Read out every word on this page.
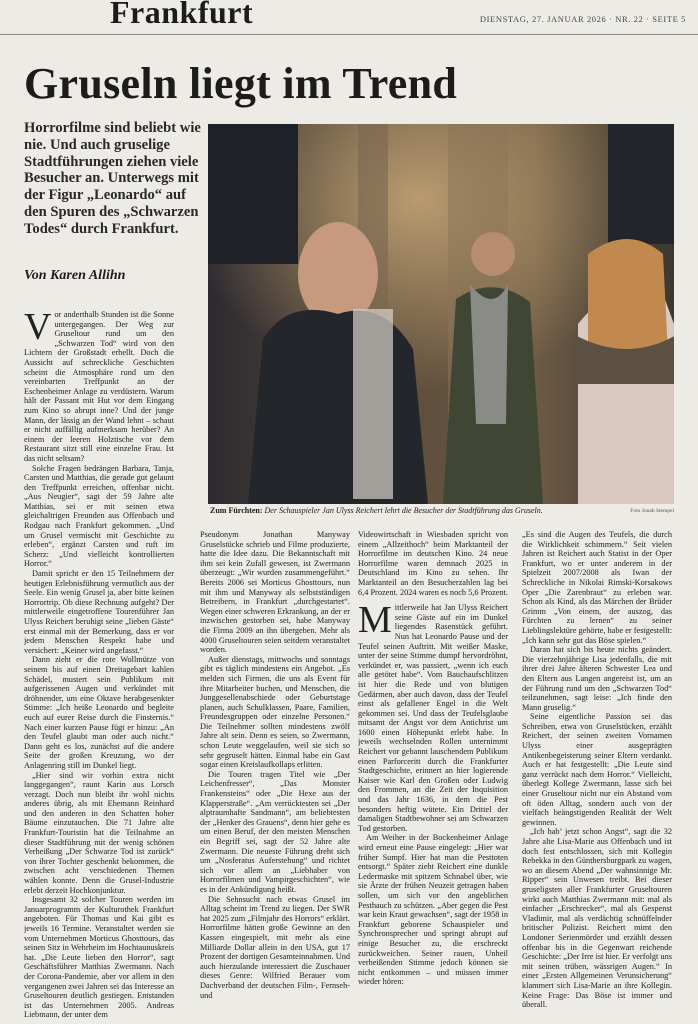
Frankfurt	DIENSTAG, 27. JANUAR 2026 · NR. 22 · SEITE 5
Gruseln liegt im Trend
Horrorfilme sind beliebt wie nie. Und auch gruselige Stadtführungen ziehen viele Besucher an. Unterwegs mit der Figur „Leonardo“ auf den Spuren des „Schwarzen Todes“ durch Frankfurt.
Von Karen Allihn
Zum Fürchten: Der Schauspieler Jan Ulyss Reichert lehrt die Besucher der Stadtführung das Gruseln.	Foto Jonah Stempel

Vor anderthalb Stunden ist die Sonne untergegangen. Der Weg zur Gruseltour rund um den „Schwarzen Tod“ wird von den Lichtern der Großstadt erhellt. Doch die Aussicht auf schreckliche Geschichten scheint die Atmosphäre rund um den vereinbarten Treffpunkt an der Eschenheimer Anlage zu verdüstern. Warum hält der Passant mit Hut vor dem Eingang zum Kino so abrupt inne? Und der junge Mann, der lässig an der Wand lehnt – schaut er nicht auffällig aufmerksam herüber? An einem der leeren Holztische vor dem Restaurant sitzt still eine einzelne Frau. Ist das nicht seltsam?

Solche Fragen bedrängen Barbara, Tanja, Carsten und Matthias, die gerade gut gelaunt den Treffpunkt erreichen, offenbar nicht. „Aus Neugier“, sagt der 59 Jahre alte Matthias, sei er mit seinen etwa gleichaltrigen Freunden aus Offenbach und Rodgau nach Frankfurt gekommen. „Und um Grusel vermischt mit Geschichte zu erleben“, ergänzt Carsten und ruft im Scherz: „Und vielleicht kontrollierten Horror.“

Damit spricht er den 15 Teilnehmern der heutigen Erlebnisführung vermutlich aus der Seele. Ein wenig Grusel ja, aber bitte keinen Horrortrip. Ob diese Rechnung aufgeht? Der mittlerweile eingetroffene Tourenführer Jan Ulyss Reichert beruhigt seine „lieben Gäste“ erst einmal mit der Bemerkung, dass er vor jedem Menschen Respekt habe und versichert: „Keiner wird angefasst.“

Dann zieht er die rote Wollmütze von seinem bis auf einen Dreitagebart kahlen Schädel, mustert sein Publikum mit aufgerissenen Augen und verkündet mit dröhnender, um eine Oktave herabgesenkter Stimme: „Ich heiße Leonardo und begleite euch auf eurer Reise durch die Finsternis.“ Nach einer kurzen Pause fügt er hinzu: „An den Teufel glaubt man oder auch nicht.“ Dann geht es los, zunächst auf die andere Seite der großen Kreuzung, wo der Anlagenring still im Dunkel liegt.

„Hier sind wir vorhin extra nicht langgegangen“, raunt Karin aus Lorsch verzagt. Doch nun bleibt ihr wohl nichts anderes übrig, als mit Ehemann Reinhard und den anderen in den Schatten hoher Bäume einzutauchen. Die 71 Jahre alte Frankfurt-Touristin hat die Teilnahme an dieser Stadtführung mit der wenig schönen Verheißung „Der Schwarze Tod ist zurück“ von ihrer Tochter geschenkt bekommen, die zwischen acht verschiedenen Themen wählen konnte. Denn die Grusel-Industrie erlebt derzeit Hochkonjunktur.

Insgesamt 32 solcher Touren werden im Januarprogramm der Kulturothek Frankfurt angeboten. Für Thomas und Kai gibt es jeweils 16 Termine. Veranstaltet werden sie vom Unternehmen Morticus Ghosttours, das seinen Sitz in Wehrheim im Hochtaunuskreis hat. „Die Leute lieben den Horror“, sagt Geschäftsführer Matthias Zwermann. Nach der Corona-Pandemie, aber vor allem in den vergangenen zwei Jahren sei das Interesse an Gruseltouren deutlich gestiegen. Entstanden ist das Unternehmen 2005. Andreas Liebmann, der unter dem

Pseudonym Jonathan Manyway Gruselstücke schrieb und Filme produzierte, hatte die Idee dazu. Die Bekanntschaft mit ihm sei kein Zufall gewesen, ist Zwermann überzeugt: „Wir wurden zusammengeführt.“ Bereits 2006 sei Morticus Ghosttours, nun mit ihm und Manyway als selbstständigen Betreibern, in Frankfurt „durchgestartet“. Wegen einer schweren Erkrankung, an der er inzwischen gestorben sei, habe Manyway die Firma 2009 an ihn übergeben. Mehr als 4000 Gruseltouren seien seitdem veranstaltet worden.

Außer dienstags, mittwochs und sonntags gibt es täglich mindestens ein Angebot. „Es melden sich Firmen, die uns als Event für ihre Mitarbeiter buchen, und Menschen, die Junggesellenabschiede oder Geburtstage planen, auch Schulklassen, Paare, Familien, Freundesgruppen oder einzelne Personen.“ Die Teilnehmer sollten mindestens zwölf Jahre alt sein. Denn es seien, so Zwermann, schon Leute weggelaufen, weil sie sich so sehr gegruselt hätten. Einmal habe ein Gast sogar einen Kreislaufkollaps erlitten.

Die Touren tragen Titel wie „Der Leichenfresser“, „Das Monster Frankensteins“ oder „Die Hexe aus der Klapperstraße“. „Am verrücktesten sei „Der alptraumhafte Sandmann“, am beliebtesten der „Henker des Grauens“, denn hier gehe es um einen Beruf, der den meisten Menschen ein Begriff sei, sagt der 52 Jahre alte Zwermann. Die neueste Führung dreht sich um „Nosferatus Auferstehung“ und richtet sich vor allem an „Liebhaber von Horrorfilmen und Vampirgeschichten“, wie es in der Ankündigung heißt.

Die Sehnsucht nach etwas Grusel im Alltag scheint im Trend zu liegen. Der SWR hat 2025 zum „Filmjahr des Horrors“ erklärt. Horrorfilme hätten große Gewinne an den Kassen eingespielt, mit mehr als eine Milliarde Dollar allein in den USA, gut 17 Prozent der dortigen Gesamteinnahmen. Und auch hierzulande interessiert die Zuschauer dieses Genre: Wilfried Berauer vom Dachverband der deutschen Film-, Fernseh- und

Videowirtschaft in Wiesbaden spricht von einem „Allzeithoch“ beim Marktanteil der Horrorfilme im deutschen Kino. 24 neue Horrorfilme waren demnach 2025 in Deutschland im Kino zu sehen. Ihr Marktanteil an den Besucherzahlen lag bei 6,4 Prozent. 2024 waren es noch 5,6 Prozent.

Mittlerweile hat Jan Ulyss Reichert seine Gäste auf ein im Dunkel liegendes Rasenstück geführt. Nun hat Leonardo Pause und der Teufel seinen Auftritt. Mit weißer Maske, unter der seine Stimme dumpf hervordröhnt, verkündet er, was passiert, „wenn ich euch alle getötet habe“. Vom Bauchaufschlitzen ist hier die Rede und von blutigen Gedärmen, aber auch davon, dass der Teufel einst als gefallener Engel in die Welt gekommen sei. Und dass der Teufelsglaube mitsamt der Angst vor dem Antichrist um 1600 einen Höhepunkt erlebt habe. In jeweils wechselnden Rollen unternimmt Reichert vor gebannt lauschendem Publikum einen Parforceritt durch die Frankfurter Stadtgeschichte, erinnert an hier logierende Kaiser wie Karl den Großen oder Ludwig den Frommen, an die Zeit der Inquisition und das Jahr 1636, in dem die Pest besonders heftig wütete. Ein Drittel der damaligen Stadtbewohner sei am Schwarzen Tod gestorben.

Am Weiher in der Bockenheimer Anlage wird erneut eine Pause eingelegt: „Hier war früher Sumpf. Hier hat man die Pesttoten entsorgt.“ Später zieht Reichert eine dunkle Ledermaske mit spitzem Schnabel über, wie sie Ärzte der frühen Neuzeit getragen haben sollen, um sich vor den angeblichen Pesthauch zu schützen. „Aber gegen die Pest war kein Kraut gewachsen“, sagt der 1958 in Frankfurt geborene Schauspieler und Synchronsprecher und springt abrupt auf einige Besucher zu, die erschreckt zurückweichen. Seiner rauen, Unheil verheißenden Stimme jedoch können sie nicht entkommen – und müssen immer wieder hören:

„Es sind die Augen des Teufels, die durch die Wirklichkeit schimmern.“ Seit vielen Jahren ist Reichert auch Statist in der Oper Frankfurt, wo er unter anderem in der Spielzeit 2007/2008 als Iwan der Schreckliche in Nikolai Rimski-Korsakows Oper „Die Zarenbraut“ zu erleben war. Schon als Kind, als das Märchen der Brüder Grimm „Von einem, der auszog, das Fürchten zu lernen“ zu seiner Lieblingslektüre gehörte, habe er festgestellt: „Ich kann sehr gut das Böse spielen.“

Daran hat sich bis heute nichts geändert. Die vierzehnjährige Lisa jedenfalls, die mit ihrer drei Jahre älteren Schwester Lea und den Eltern aus Langen angereist ist, um an der Führung rund um den „Schwarzen Tod“ teilzunehmen, sagt leise: „Ich finde den Mann gruselig.“

Seine eigentliche Passion sei das Schreiben, etwa von Gruselstücken, erzählt Reichert, der seinen zweiten Vornamen Ulyss einer ausgeprägten Antikenbegeisterung seiner Eltern verdankt. Auch er hat festgestellt: „Die Leute sind ganz verrückt nach dem Horror.“ Vielleicht, überlegt Kollege Zwermann, lasse sich bei einer Gruseltour nicht nur ein Abstand vom oft öden Alltag, sondern auch von der vielfach beängstigenden Realität der Welt gewinnen.

„Ich hab’ jetzt schon Angst“, sagt die 32 Jahre alte Lisa-Marie aus Offenbach und ist doch fest entschlossen, sich mit Kollegin Rebekka in den Günthersburgpark zu wagen, wo an diesem Abend „Der wahnsinnige Mr. Ripper“ sein Unwesen treibt. Bei dieser gruseligsten aller Frankfurter Gruseltouren wirkt auch Matthias Zwermann mit: mal als einfacher „Erschrecker“, mal als Gespenst Vladimir, mal als verdächtig schnüffelnder britischer Polizist. Reichert mimt den Londoner Serienmörder und erzählt dessen offenbar bis in die Gegenwart reichende Geschichte: „Der Irre ist hier. Er verfolgt uns mit seinen trüben, wässrigen Augen.“ In einer „Ersten Allgemeinen Verunsicherung“ klammert sich Lisa-Marie an ihre Kollegin. Keine Frage: Das Böse ist immer und überall.
